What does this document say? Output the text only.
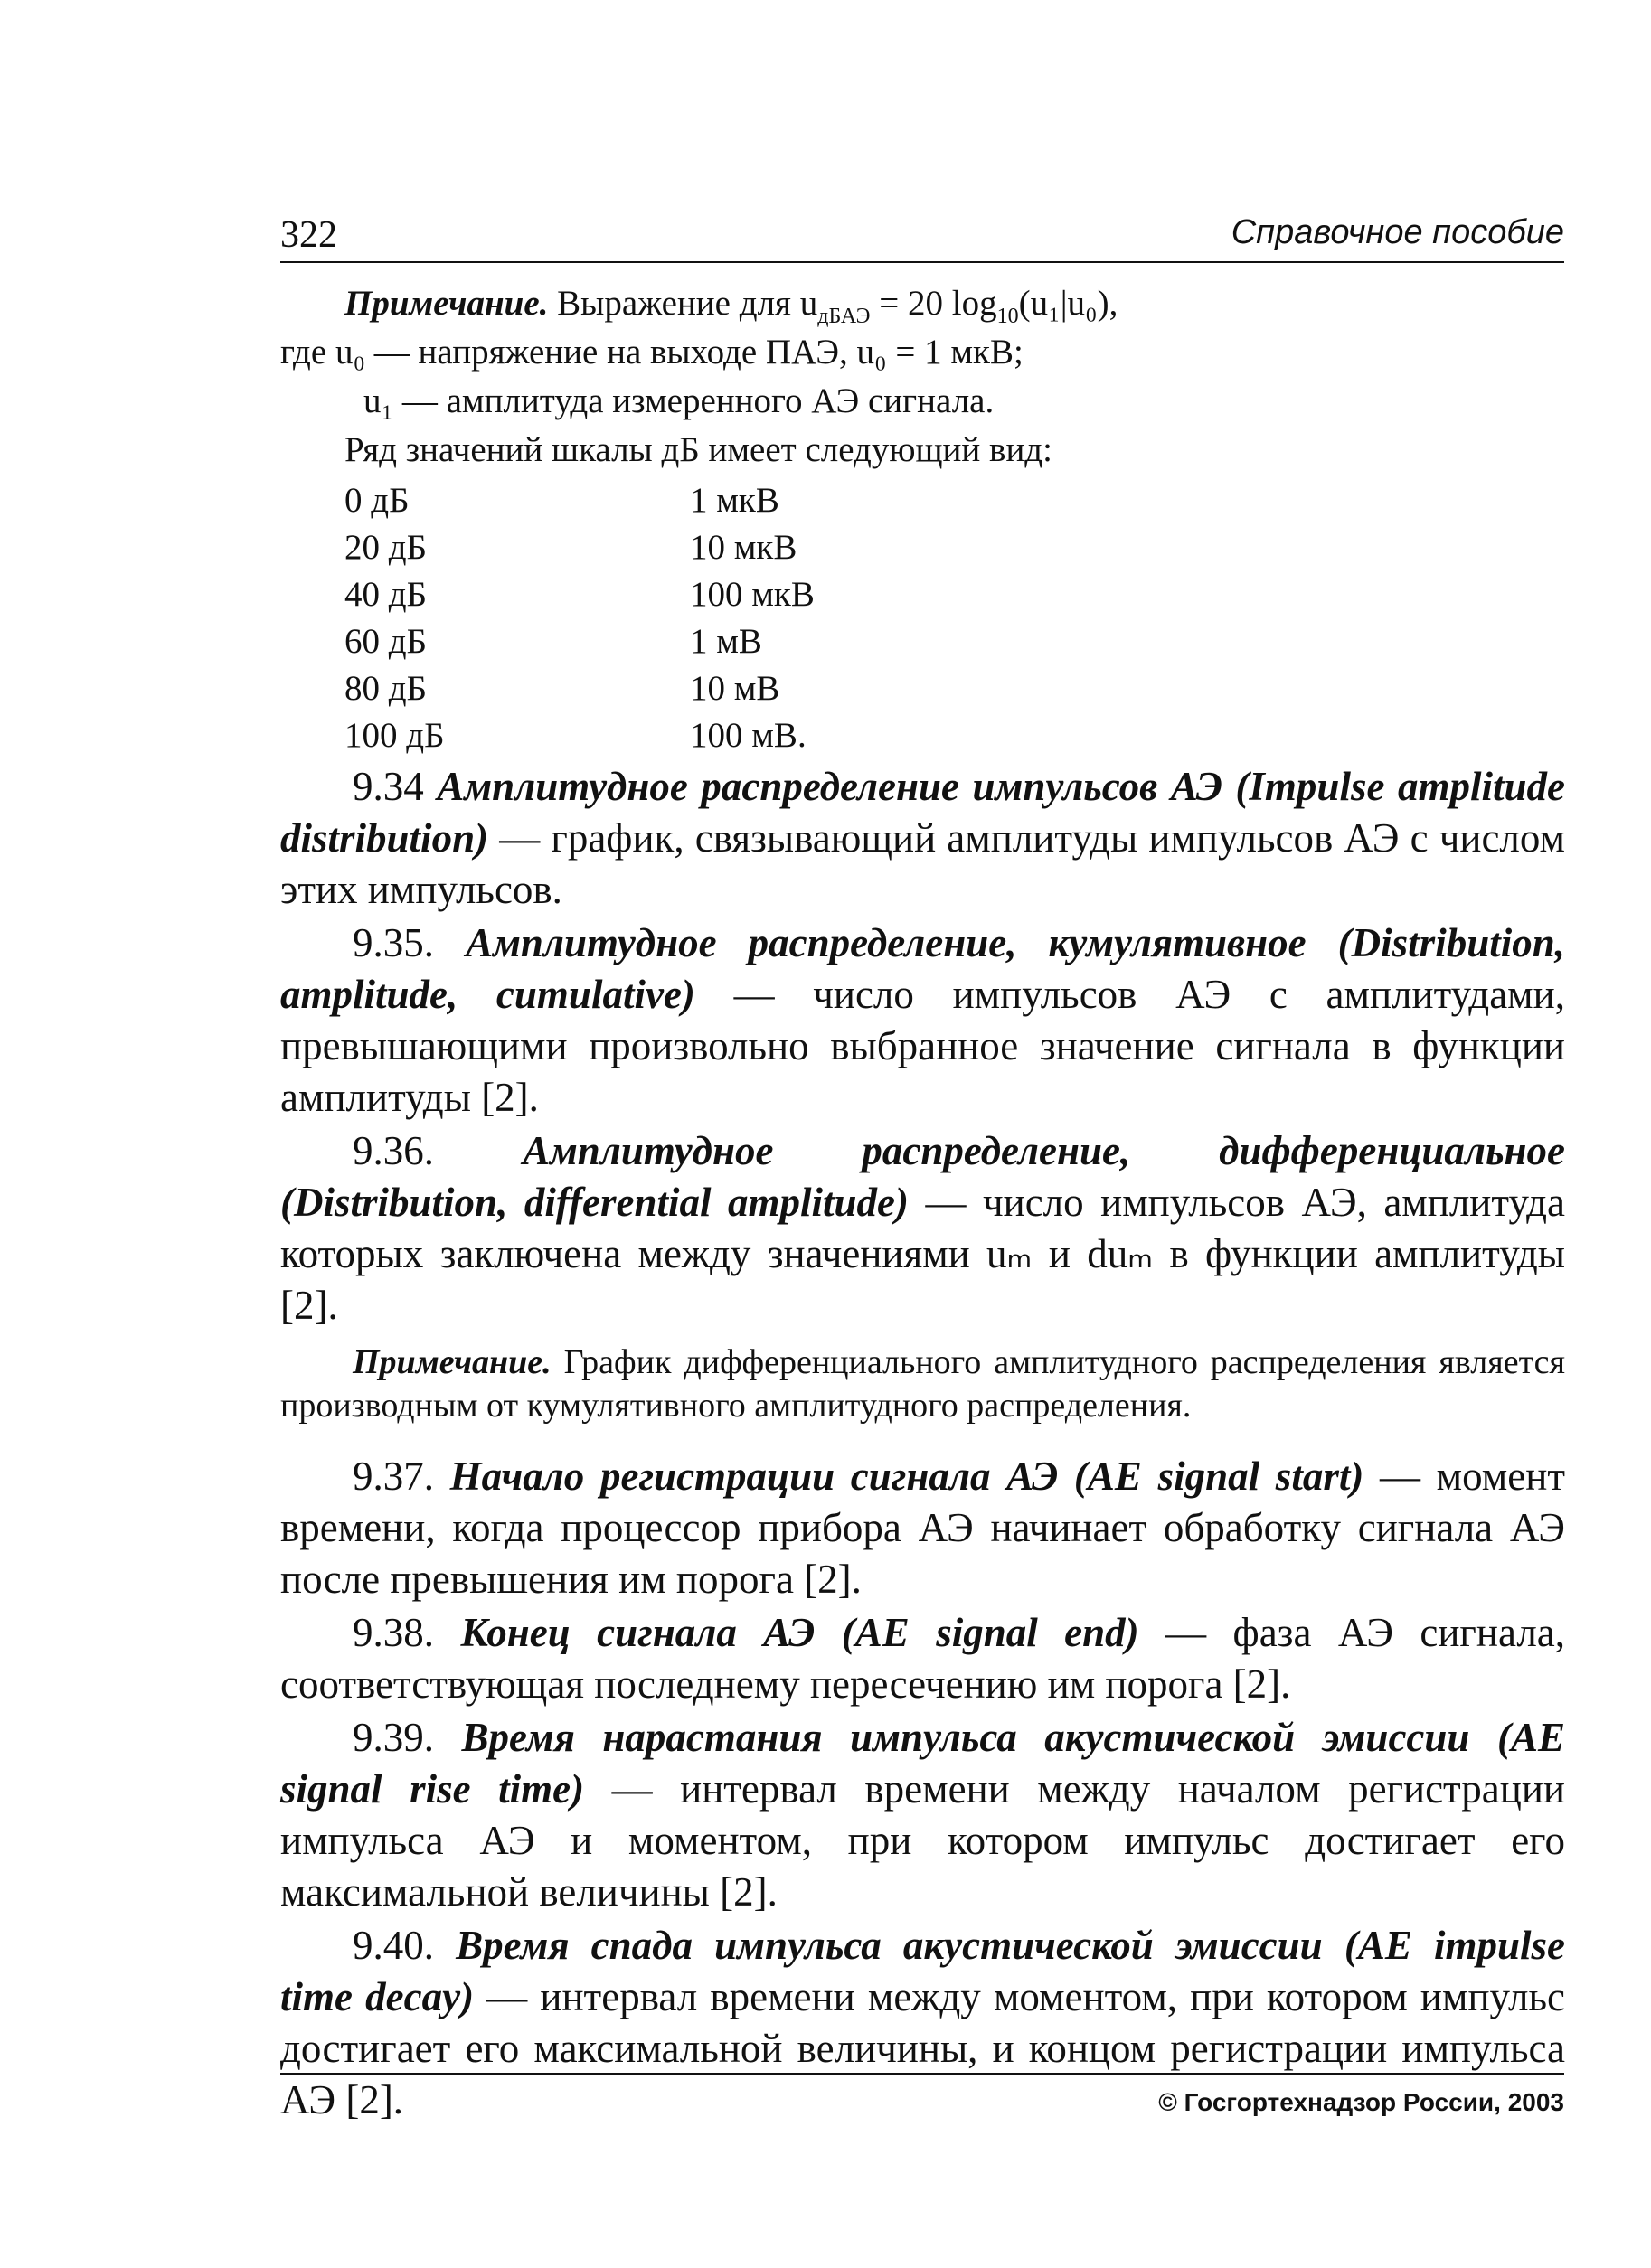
322	Справочное пособие
Примечание. Выражение для $u_{дБАЭ} = 20$ $\log_{10}(u_1|u_0)$,
где u₀ — напряжение на выходе ПАЭ, u₀ = 1 мкВ;
u₁ — амплитуда измеренного АЭ сигнала.
Ряд значений шкалы дБ имеет следующий вид:
0 дБ	1 мкВ
20 дБ	10 мкВ
40 дБ	100 мкВ
60 дБ	1 мВ
80 дБ	10 мВ
100 дБ	100 мВ.

9.34 Амплитудное распределение импульсов АЭ (Impulse amplitude distribution) — график, связывающий амплитуды импульсов АЭ с числом этих импульсов.

9.35. Амплитудное распределение, кумулятивное (Distribution, amplitude, cumulative) — число импульсов АЭ с амплитудами, превышающими произвольно выбранное значение сигнала в функции амплитуды [2].

9.36. Амплитудное распределение, дифференциальное (Distribution, differential amplitude) — число импульсов АЭ, амплитуда которых заключена между значениями uₘ и duₘ в функции амплитуды [2].

Примечание. График дифференциального амплитудного распределения является производным от кумулятивного амплитудного распределения.

9.37. Начало регистрации сигнала АЭ (AE signal start) — момент времени, когда процессор прибора АЭ начинает обработку сигнала АЭ после превышения им порога [2].

9.38. Конец сигнала АЭ (AE signal end) — фаза АЭ сигнала, соответствующая последнему пересечению им порога [2].

9.39. Время нарастания импульса акустической эмиссии (AE signal rise time) — интервал времени между началом регистрации импульса АЭ и моментом, при котором импульс достигает его максимальной величины [2].

9.40. Время спада импульса акустической эмиссии (AE impulse time decay) — интервал времени между моментом, при котором импульс достигает его максимальной величины, и концом регистрации импульса АЭ [2].	© Госгортехнадзор России, 2003
